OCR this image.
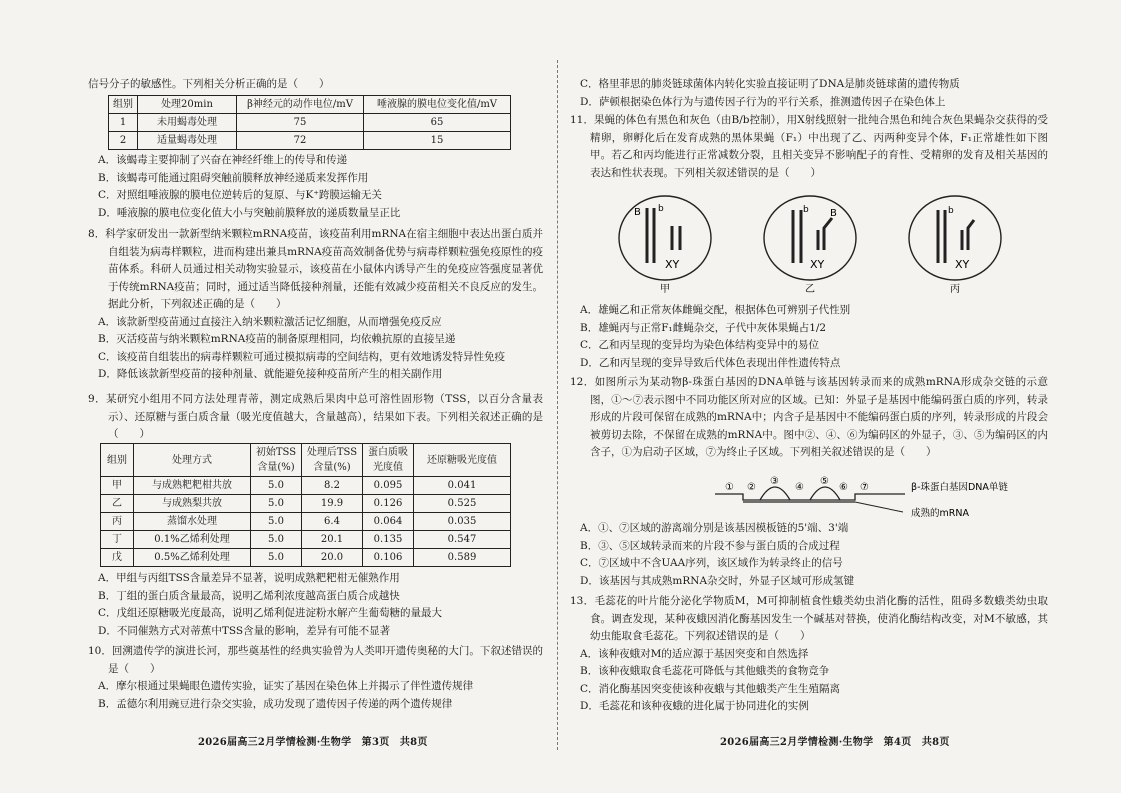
信号分子的敏感性。下列相关分析正确的是（　　）

组别	处理20min	β神经元的动作电位/mV	唾液腺的膜电位变化值/mV
1	未用蝎毒处理	75	65
2	适量蝎毒处理	72	15

A．该蝎毒主要抑制了兴奋在神经纤维上的传导和传递

B．该蝎毒可能通过阻碍突触前膜释放神经递质来发挥作用

C．对照组唾液腺的膜电位逆转后的复原、与K⁺跨膜运输无关

D．唾液腺的膜电位变化值大小与突触前膜释放的递质数量呈正比

8．科学家研发出一款新型纳米颗粒mRNA疫苗，该疫苗利用mRNA在宿主细胞中表达出蛋白质并自组装为病毒样颗粒，进而构建出兼具mRNA疫苗高效制备优势与病毒样颗粒强免疫原性的疫苗体系。科研人员通过相关动物实验显示，该疫苗在小鼠体内诱导产生的免疫应答强度显著优于传统mRNA疫苗；同时，通过适当降低接种剂量，还能有效减少疫苗相关不良反应的发生。据此分析，下列叙述正确的是（　　）

A．该款新型疫苗通过直接注入纳米颗粒激活记忆细胞，从而增强免疫反应

B．灭活疫苗与纳米颗粒mRNA疫苗的制备原理相同，均依赖抗原的直接呈递

C．该疫苗自组装出的病毒样颗粒可通过模拟病毒的空间结构，更有效地诱发特异性免疫

D．降低该款新型疫苗的接种剂量、就能避免接种疫苗所产生的相关副作用

9．某研究小组用不同方法处理青蒂，测定成熟后果肉中总可溶性固形物（TSS，以百分含量表示）、还原糖与蛋白质含量（吸光度值越大，含量越高），结果如下表。下列相关叙述正确的是（　　）

组别	处理方式	初始TSS含量(%)	处理后TSS含量(%)	蛋白质吸光度值	还原糖吸光度值
甲	与成熟粑粑柑共放	5.0	8.2	0.095	0.041
乙	与成熟梨共放	5.0	19.9	0.126	0.525
丙	蒸馏水处理	5.0	6.4	0.064	0.035
丁	0.1%乙烯利处理	5.0	20.1	0.135	0.547
戊	0.5%乙烯利处理	5.0	20.0	0.106	0.589

A．甲组与丙组TSS含量差异不显著，说明成熟粑粑柑无催熟作用

B．丁组的蛋白质含量最高，说明乙烯利浓度越高蛋白质合成越快

C．戊组还原糖吸光度最高，说明乙烯利促进淀粉水解产生葡萄糖的量最大

D．不同催熟方式对蒂蕉中TSS含量的影响，差异有可能不显著

10．回溯遗传学的演进长河，那些奠基性的经典实验曾为人类叩开遗传奥秘的大门。下叙述错误的是（　　）

A．摩尔根通过果蝇眼色遗传实验，证实了基因在染色体上并揭示了伴性遗传规律

B．孟德尔利用豌豆进行杂交实验，成功发现了遗传因子传递的两个遗传规律

2026届高三2月学情检测·生物学　第3页　共8页

C．格里菲思的肺炎链球菌体内转化实验直接证明了DNA是肺炎链球菌的遗传物质

D．萨顿根据染色体行为与遗传因子行为的平行关系，推测遗传因子在染色体上

11．果蝇的体色有黑色和灰色（由B/b控制），用X射线照射一批纯合黑色和纯合灰色果蝇杂交获得的受精卵，卵孵化后在发育成熟的黑体果蝇（F₁）中出现了乙、丙两种变异个体，F₁正常雄性如下图甲。若乙和丙均能进行正常减数分裂，且相关变异不影响配子的育性、受精卵的发育及相关基因的表达和性状表现。下列相关叙述错误的是（　　）

B b
XY
b B
XY
b
XY
甲	乙	丙

A．雄蝇乙和正常灰体雌蝇交配，根据体色可辨别子代性别

B．雄蝇丙与正常F₁雌蝇杂交，子代中灰体果蝇占1/2

C．乙和丙呈现的变异均为染色体结构变异中的易位

D．乙和丙呈现的变异导致后代体色表现出伴性遗传特点

12．如图所示为某动物β-珠蛋白基因的DNA单链与该基因转录而来的成熟mRNA形成杂交链的示意图，①～⑦表示图中不同功能区所对应的区域。已知：外显子是基因中能编码蛋白质的序列，转录形成的片段可保留在成熟的mRNA中；内含子是基因中不能编码蛋白质的序列，转录形成的片段会被剪切去除，不保留在成熟的mRNA中。图中②、④、⑥为编码区的外显子，③、⑤为编码区的内含子，①为启动子区域，⑦为终止子区域。下列相关叙述错误的是（　　）

① ②
③
④
⑤
⑥ ⑦	β-珠蛋白基因DNA单链
成熟的mRNA

A．①、⑦区域的游离端分别是该基因模板链的5'端、3'端

B．③、⑤区域转录而来的片段不参与蛋白质的合成过程

C．⑦区域中不含UAA序列，该区域作为转录终止的信号

D．该基因与其成熟mRNA杂交时，外显子区域可形成氢键

13．毛蕊花的叶片能分泌化学物质M，M可抑制植食性蛾类幼虫消化酶的活性，阻碍多数蛾类幼虫取食。调查发现，某种夜蛾因消化酶基因发生一个碱基对替换，使消化酶结构改变，对M不敏感，其幼虫能取食毛蕊花。下列叙述错误的是（　　）

A．该种夜蛾对M的适应源于基因突变和自然选择

B．该种夜蛾取食毛蕊花可降低与其他蛾类的食物竞争

C．消化酶基因突变使该种夜蛾与其他蛾类产生生殖隔离

D．毛蕊花和该种夜蛾的进化属于协同进化的实例

2026届高三2月学情检测·生物学　第4页　共8页
